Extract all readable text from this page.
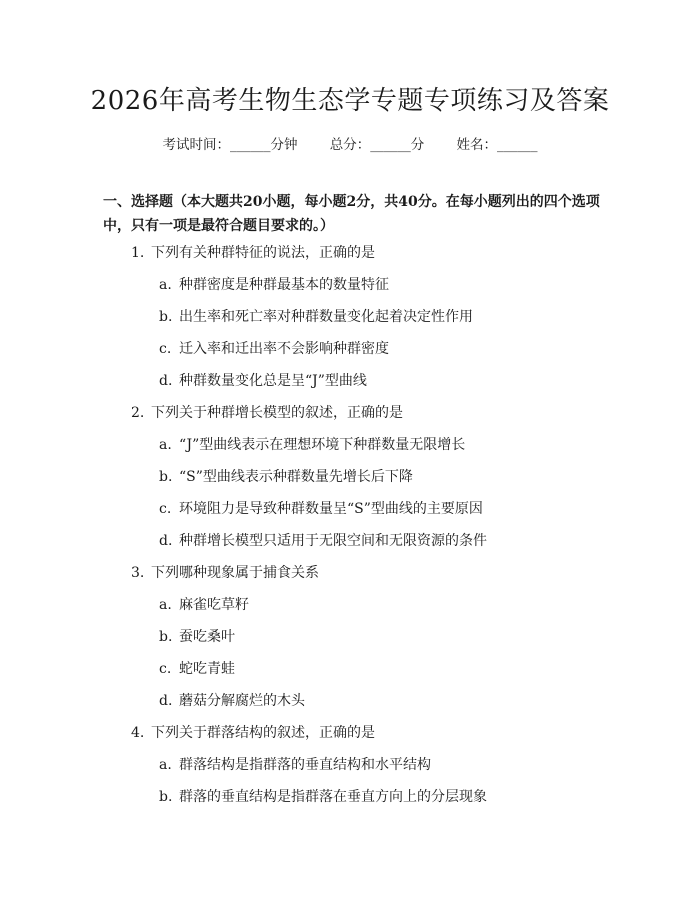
2026年高考生物生态学专题专项练习及答案
考试时间：______分钟 总分：______分 姓名：______
一、选择题（本大题共20小题，每小题2分，共40分。在每小题列出的四个选项中，只有一项是最符合题目要求的。）
1. 下列有关种群特征的说法，正确的是
a. 种群密度是种群最基本的数量特征
b. 出生率和死亡率对种群数量变化起着决定性作用
c. 迁入率和迁出率不会影响种群密度
d. 种群数量变化总是呈“J”型曲线
2. 下列关于种群增长模型的叙述，正确的是
a. “J”型曲线表示在理想环境下种群数量无限增长
b. “S”型曲线表示种群数量先增长后下降
c. 环境阻力是导致种群数量呈“S”型曲线的主要原因
d. 种群增长模型只适用于无限空间和无限资源的条件
3. 下列哪种现象属于捕食关系
a. 麻雀吃草籽
b. 蚕吃桑叶
c. 蛇吃青蛙
d. 蘑菇分解腐烂的木头
4. 下列关于群落结构的叙述，正确的是
a. 群落结构是指群落的垂直结构和水平结构
b. 群落的垂直结构是指群落在垂直方向上的分层现象
